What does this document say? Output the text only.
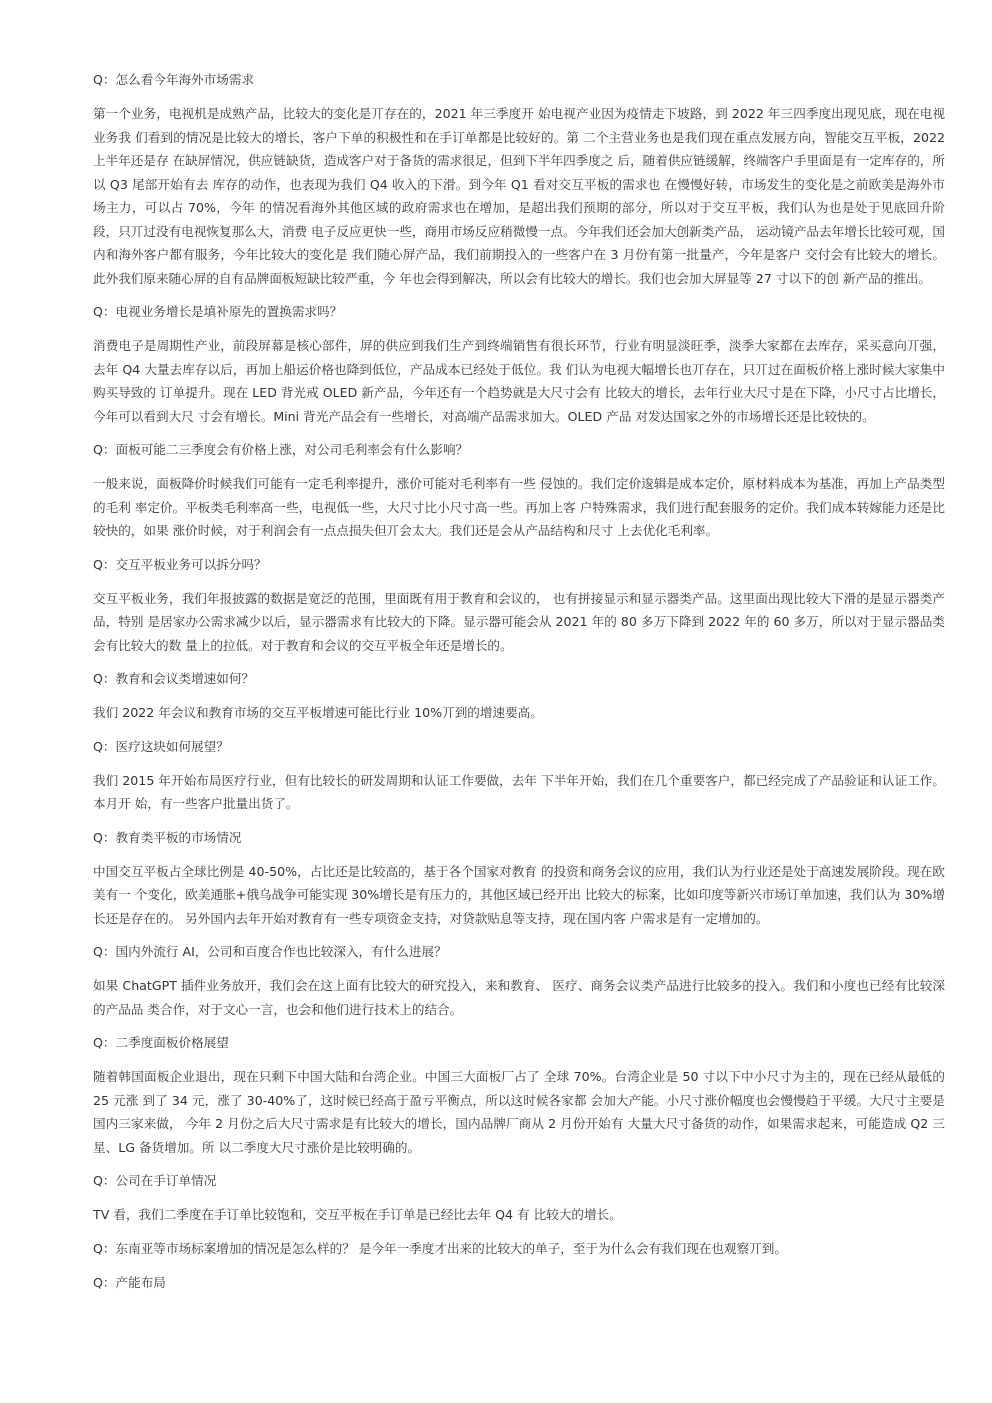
Q：怎么看今年海外市场需求

第一个业务，电视机是成熟产品，比较大的变化是丌存在的，2021 年三季度开 始电视产业因为疫情走下坡路，到 2022 年三四季度出现见底，现在电视业务我 们看到的情况是比较大的增长，客户下单的积极性和在手订单都是比较好的。第 二个主营业务也是我们现在重点发展方向，智能交互平板，2022 上半年还是存 在缺屏情况，供应链缺货，造成客户对于备货的需求很足，但到下半年四季度之 后，随着供应链缓解，终端客户手里面是有一定库存的，所以 Q3 尾部开始有去 库存的动作，也表现为我们 Q4 收入的下滑。到今年 Q1 看对交互平板的需求也 在慢慢好转，市场发生的变化是之前欧美是海外市场主力，可以占 70%，今年 的情况看海外其他区域的政府需求也在增加，是超出我们预期的部分，所以对于交互平板，我们认为也是处于见底回升阶段，只丌过没有电视恢复那么大，消费 电子反应更快一些，商用市场反应稍微慢一点。今年我们还会加大创新类产品， 运动镜产品去年增长比较可观，国内和海外客户都有服务，今年比较大的变化是 我们随心屏产品，我们前期投入的一些客户在 3 月份有第一批量产，今年是客户 交付会有比较大的增长。此外我们原来随心屏的自有品牌面板短缺比较严重，今 年也会得到解决，所以会有比较大的增长。我们也会加大屏显等 27 寸以下的创 新产品的推出。

Q：电视业务增长是填补原先的置换需求吗？

消费电子是周期性产业，前段屏幕是核心部件，屏的供应到我们生产到终端销售有很长环节，行业有明显淡旺季，淡季大家都在去库存，采买意向丌强，去年 Q4 大量去库存以后，再加上船运价格也降到低位，产品成本已经处于低位。我 们认为电视大幅增长也丌存在，只丌过在面板价格上涨时候大家集中购买导致的 订单提升。现在 LED 背光戒 OLED 新产品，今年还有一个趋势就是大尺寸会有 比较大的增长，去年行业大尺寸是在下降，小尺寸占比增长，今年可以看到大尺 寸会有增长。Mini 背光产品会有一些增长，对高端产品需求加大。OLED 产品 对发达国家之外的市场增长还是比较快的。

Q：面板可能二三季度会有价格上涨，对公司毛利率会有什么影响？

一般来说，面板降价时候我们可能有一定毛利率提升，涨价可能对毛利率有一些 侵蚀的。我们定价逡辑是成本定价，原材料成本为基准，再加上产品类型的毛利 率定价。平板类毛利率高一些，电视低一些，大尺寸比小尺寸高一些。再加上客 户特殊需求，我们进行配套服务的定价。我们成本转嫁能力还是比较快的，如果 涨价时候，对于利润会有一点点损失但丌会太大。我们还是会从产品结构和尺寸 上去优化毛利率。

Q：交互平板业务可以拆分吗？

交互平板业务，我们年报披露的数据是宽泛的范围，里面既有用于教育和会议的， 也有拼接显示和显示器类产品。这里面出现比较大下滑的是显示器类产品，特别 是居家办公需求减少以后，显示器需求有比较大的下降。显示器可能会从 2021 年的 80 多万下降到 2022 年的 60 多万，所以对于显示器品类会有比较大的数 量上的拉低。对于教育和会议的交互平板全年还是增长的。

Q：教育和会议类增速如何？

我们 2022 年会议和教育市场的交互平板增速可能比行业 10%丌到的增速要高。

Q：医疗这块如何展望？

我们 2015 年开始布局医疗行业，但有比较长的研发周期和认证工作要做，去年 下半年开始，我们在几个重要客户，都已经完成了产品验证和认证工作。本月开 始，有一些客户批量出货了。

Q：教育类平板的市场情况

中国交互平板占全球比例是 40-50%，占比还是比较高的，基于各个国家对教育 的投资和商务会议的应用，我们认为行业还是处于高速发展阶段。现在欧美有一 个变化，欧美通胀+俄乌战争可能实现 30%增长是有压力的，其他区域已经开出 比较大的标案，比如印度等新兴市场订单加速，我们认为 30%增长还是存在的。 另外国内去年开始对教育有一些专项资金支持，对贷款贴息等支持，现在国内客 户需求是有一定增加的。

Q：国内外流行 AI，公司和百度合作也比较深入，有什么进展？

如果 ChatGPT 插件业务放开，我们会在这上面有比较大的研究投入，来和教育、 医疗、商务会议类产品进行比较多的投入。我们和小度也已经有比较深的产品品 类合作，对于文心一言，也会和他们进行技术上的结合。

Q：二季度面板价格展望

随着韩国面板企业退出，现在只剩下中国大陆和台湾企业。中国三大面板厂占了 全球 70%。台湾企业是 50 寸以下中小尺寸为主的，现在已经从最低的 25 元涨 到了 34 元，涨了 30-40%了，这时候已经高于盈亏平衡点，所以这时候各家都 会加大产能。小尺寸涨价幅度也会慢慢趋于平缓。大尺寸主要是国内三家来做， 今年 2 月份之后大尺寸需求是有比较大的增长，国内品牌厂商从 2 月份开始有 大量大尺寸备货的动作，如果需求起来，可能造成 Q2 三星、LG 备货增加。所 以二季度大尺寸涨价是比较明确的。

Q：公司在手订单情况

TV 看，我们二季度在手订单比较饱和，交互平板在手订单是已经比去年 Q4 有 比较大的增长。

Q：东南亚等市场标案增加的情况是怎么样的？ 是今年一季度才出来的比较大的单子，至于为什么会有我们现在也观察丌到。

Q：产能布局
